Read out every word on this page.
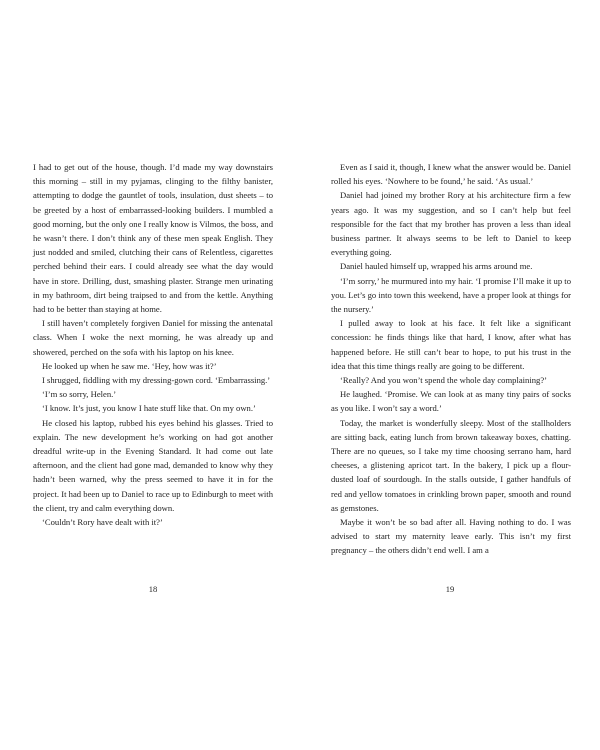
I had to get out of the house, though. I’d made my way downstairs this morning – still in my pyjamas, clinging to the filthy banister, attempting to dodge the gauntlet of tools, insulation, dust sheets – to be greeted by a host of embarrassed-looking builders. I mumbled a good morning, but the only one I really know is Vilmos, the boss, and he wasn’t there. I don’t think any of these men speak English. They just nodded and smiled, clutching their cans of Relentless, cigarettes perched behind their ears. I could already see what the day would have in store. Drilling, dust, smashing plaster. Strange men urinating in my bathroom, dirt being traipsed to and from the kettle. Anything had to be better than staying at home.

I still haven’t completely forgiven Daniel for missing the antenatal class. When I woke the next morning, he was already up and showered, perched on the sofa with his laptop on his knee.

He looked up when he saw me. ‘Hey, how was it?’

I shrugged, fiddling with my dressing-gown cord. ‘Embarrassing.’

‘I’m so sorry, Helen.’

‘I know. It’s just, you know I hate stuff like that. On my own.’

He closed his laptop, rubbed his eyes behind his glasses. Tried to explain. The new development he’s working on had got another dreadful write-up in the Evening Standard. It had come out late afternoon, and the client had gone mad, demanded to know why they hadn’t been warned, why the press seemed to have it in for the project. It had been up to Daniel to race up to Edinburgh to meet with the client, try and calm everything down.

‘Couldn’t Rory have dealt with it?’

18

Even as I said it, though, I knew what the answer would be. Daniel rolled his eyes. ‘Nowhere to be found,’ he said. ‘As usual.’

Daniel had joined my brother Rory at his architecture firm a few years ago. It was my suggestion, and so I can’t help but feel responsible for the fact that my brother has proven a less than ideal business partner. It always seems to be left to Daniel to keep everything going.

Daniel hauled himself up, wrapped his arms around me.

‘I’m sorry,’ he murmured into my hair. ‘I promise I’ll make it up to you. Let’s go into town this weekend, have a proper look at things for the nursery.’

I pulled away to look at his face. It felt like a significant concession: he finds things like that hard, I know, after what has happened before. He still can’t bear to hope, to put his trust in the idea that this time things really are going to be different.

‘Really? And you won’t spend the whole day complaining?’

He laughed. ‘Promise. We can look at as many tiny pairs of socks as you like. I won’t say a word.’

Today, the market is wonderfully sleepy. Most of the stallholders are sitting back, eating lunch from brown takeaway boxes, chatting. There are no queues, so I take my time choosing serrano ham, hard cheeses, a glistening apricot tart. In the bakery, I pick up a flour-dusted loaf of sourdough. In the stalls outside, I gather handfuls of red and yellow tomatoes in crinkling brown paper, smooth and round as gemstones.

Maybe it won’t be so bad after all. Having nothing to do. I was advised to start my maternity leave early. This isn’t my first pregnancy – the others didn’t end well. I am a

19
